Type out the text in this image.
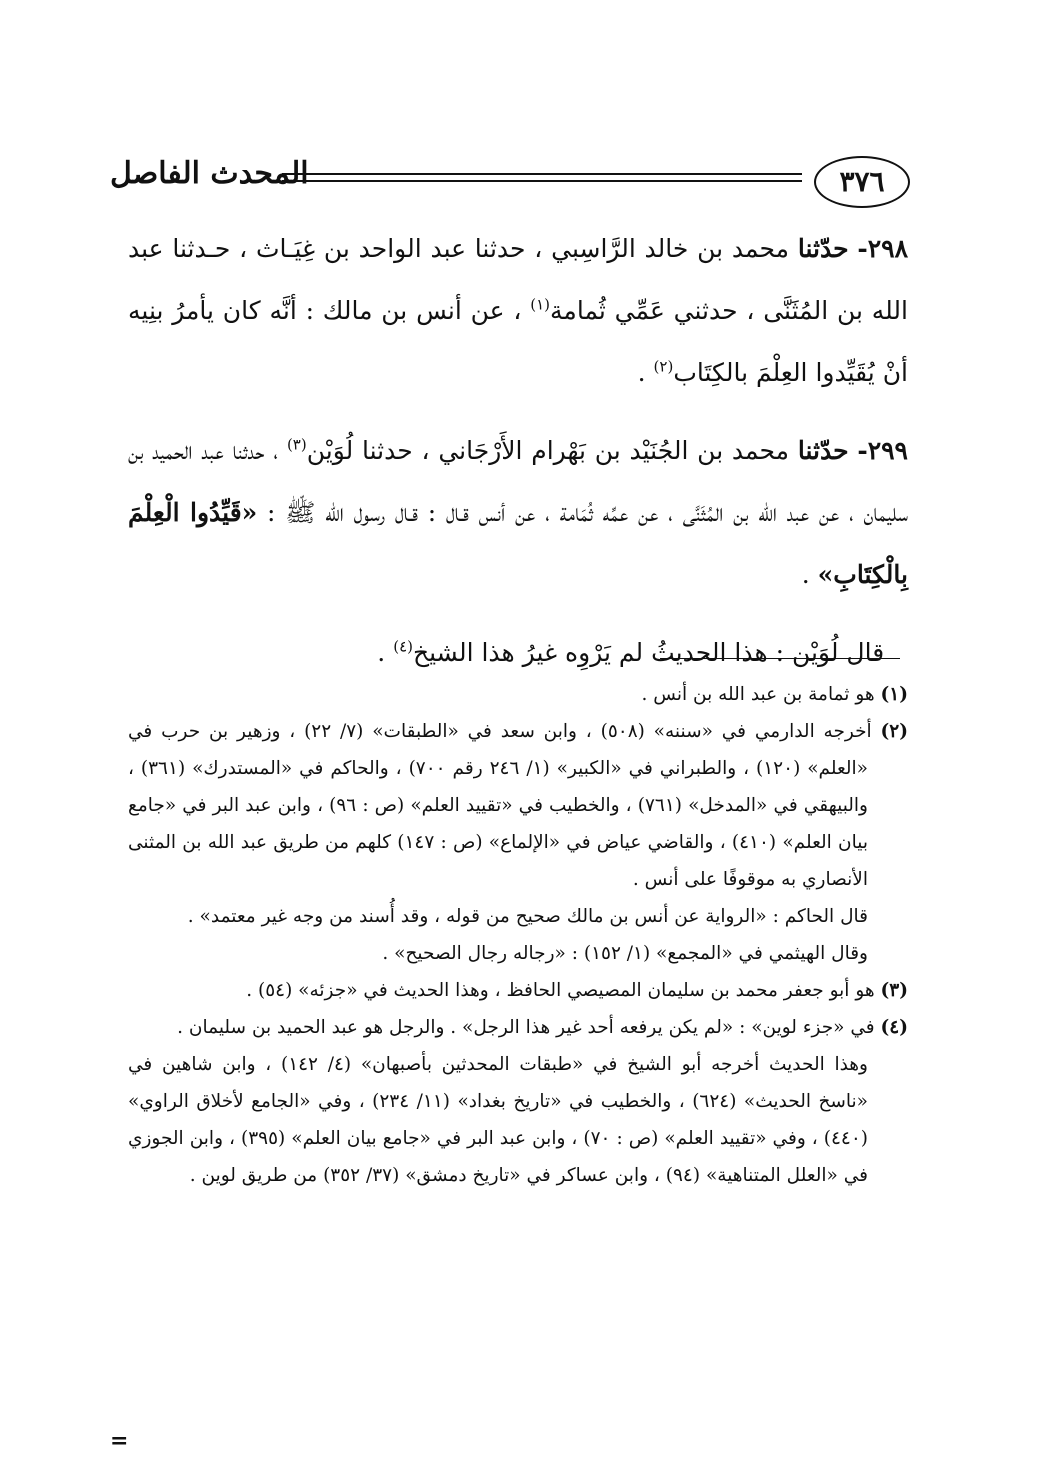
٣٧٦
المحدث الفاصل

٢٩٨- حدّثنا محمد بن خالد الرَّاسِبي ، حدثنا عبد الواحد بن غِيَـاث ، حـدثنا عبد الله بن المُثَنَّى ، حدثني عَمِّي ثُمامة$^{(١)}$ ، عن أنس بن مالك : أنَّه كان يأمرُ بنِيه أنْ يُقَيِّدوا العِلْمَ بالكِتَاب$^{(٢)}$ .

٢٩٩- حدّثنا محمد بن الجُنَيْد بن بَهْرام الأَرْجَاني ، حدثنا لُوَيْن$^{(٣)}$ ، حدثنا عبد الحميد بن سليمان ، عن عبد الله بن المُثَنَّى ، عن عمِّه ثُمَامة ، عن أنس قـال : قـال رسول الله ﷺ : «قَيِّدُوا الْعِلْمَ بِالْكِتَابِ» .

قال لُوَيْن : هذا الحديثُ لم يَرْوِه غيرُ هذا الشيخ$^{(٤)}$ .

(١) هو ثمامة بن عبد الله بن أنس .

(٢) أخرجه الدارمي في «سننه» (٥٠٨) ، وابن سعد في «الطبقات» (٧/ ٢٢) ، وزهير بن حرب في «العلم» (١٢٠) ، والطبراني في «الكبير» (١/ ٢٤٦ رقم ٧٠٠) ، والحاكم في «المستدرك» (٣٦١) ، والبيهقي في «المدخل» (٧٦١) ، والخطيب في «تقييد العلم» (ص : ٩٦) ، وابن عبد البر في «جامع بيان العلم» (٤١٠) ، والقاضي عياض في «الإلماع» (ص : ١٤٧) كلهم من طريق عبد الله بن المثنى الأنصاري به موقوفًا على أنس .

قال الحاكم : «الرواية عن أنس بن مالك صحيح من قوله ، وقد أُسند من وجه غير معتمد» .

وقال الهيثمي في «المجمع» (١/ ١٥٢) : «رجاله رجال الصحيح» .

(٣) هو أبو جعفر محمد بن سليمان المصيصي الحافظ ، وهذا الحديث في «جزئه» (٥٤) .

(٤) في «جزء لوين» : «لم يكن يرفعه أحد غير هذا الرجل» . والرجل هو عبد الحميد بن سليمان .

وهذا الحديث أخرجه أبو الشيخ في «طبقات المحدثين بأصبهان» (٤/ ١٤٢) ، وابن شاهين في «ناسخ الحديث» (٦٢٤) ، والخطيب في «تاريخ بغداد» (١١/ ٢٣٤) ، وفي «الجامع لأخلاق الراوي» (٤٤٠) ، وفي «تقييد العلم» (ص : ٧٠) ، وابن عبد البر في «جامع بيان العلم» (٣٩٥) ، وابن الجوزي في «العلل المتناهية» (٩٤) ، وابن عساكر في «تاريخ دمشق» (٣٧/ ٣٥٢) من طريق لوين .

=
